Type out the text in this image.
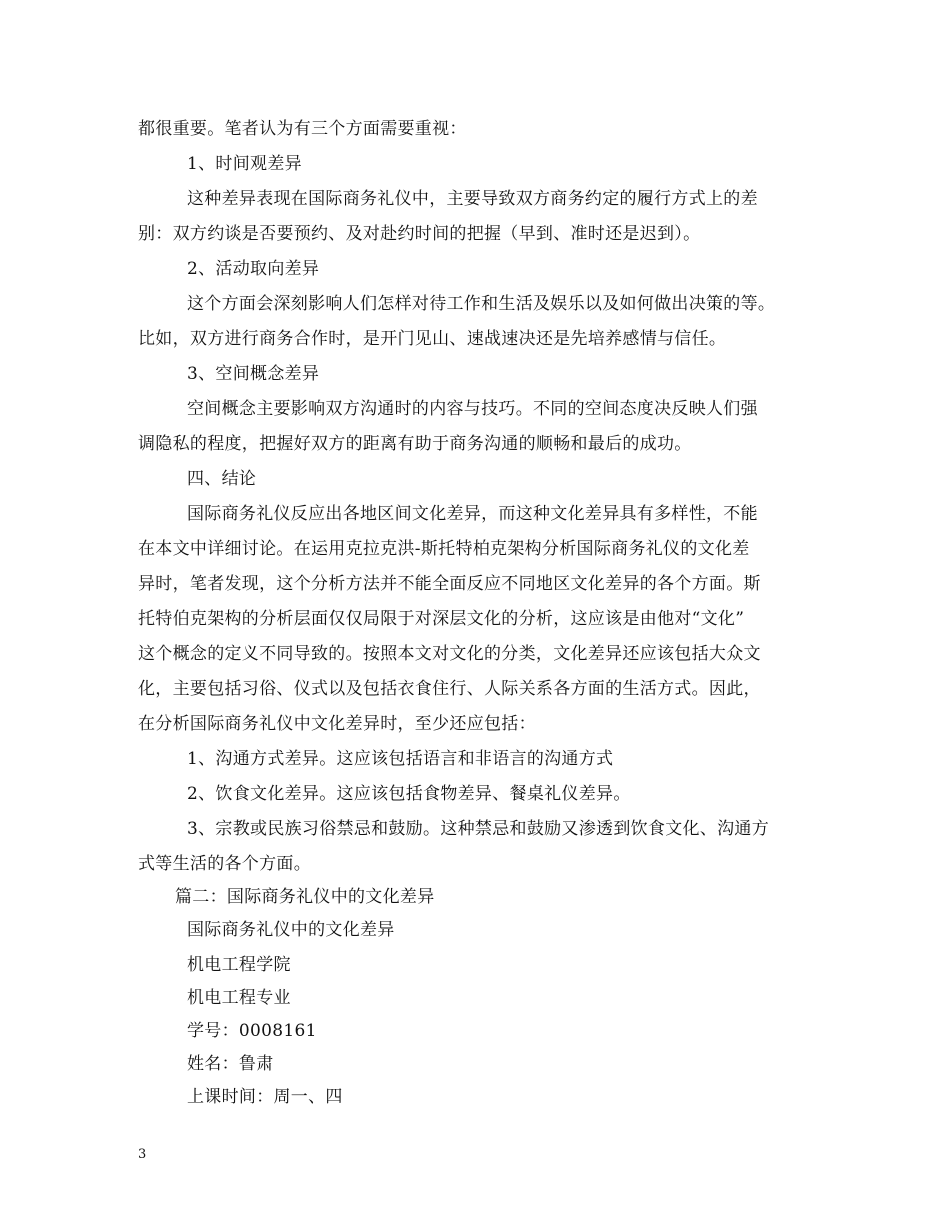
都很重要。笔者认为有三个方面需要重视：
1、时间观差异
这种差异表现在国际商务礼仪中，主要导致双方商务约定的履行方式上的差
别：双方约谈是否要预约、及对赴约时间的把握（早到、准时还是迟到）。
2、活动取向差异
这个方面会深刻影响人们怎样对待工作和生活及娱乐以及如何做出决策的等。
比如，双方进行商务合作时，是开门见山、速战速决还是先培养感情与信任。
3、空间概念差异
空间概念主要影响双方沟通时的内容与技巧。不同的空间态度决反映人们强
调隐私的程度，把握好双方的距离有助于商务沟通的顺畅和最后的成功。
四、结论
国际商务礼仪反应出各地区间文化差异，而这种文化差异具有多样性，不能
在本文中详细讨论。在运用克拉克洪-斯托特柏克架构分析国际商务礼仪的文化差
异时，笔者发现，这个分析方法并不能全面反应不同地区文化差异的各个方面。斯
托特伯克架构的分析层面仅仅局限于对深层文化的分析，这应该是由他对“文化”
这个概念的定义不同导致的。按照本文对文化的分类，文化差异还应该包括大众文
化，主要包括习俗、仪式以及包括衣食住行、人际关系各方面的生活方式。因此，
在分析国际商务礼仪中文化差异时，至少还应包括：
1、沟通方式差异。这应该包括语言和非语言的沟通方式
2、饮食文化差异。这应该包括食物差异、餐桌礼仪差异。
3、宗教或民族习俗禁忌和鼓励。这种禁忌和鼓励又渗透到饮食文化、沟通方
式等生活的各个方面。
篇二：国际商务礼仪中的文化差异
国际商务礼仪中的文化差异
机电工程学院
机电工程专业
学号：0008161
姓名：鲁肃
上课时间：周一、四
3
